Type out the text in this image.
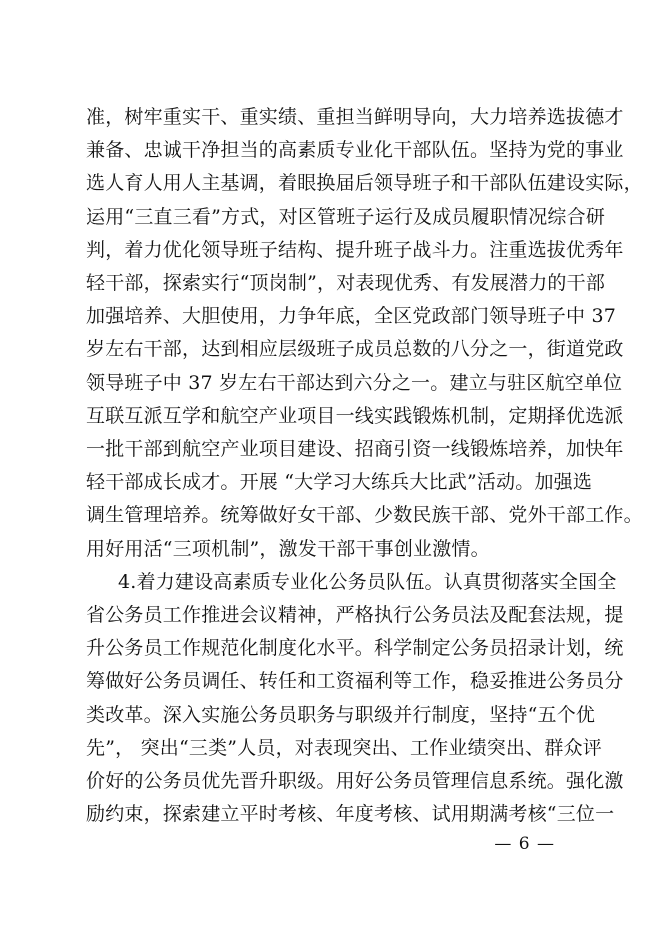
准，树牢重实干、重实绩、重担当鲜明导向，大力培养选拔德才
兼备、忠诚干净担当的高素质专业化干部队伍。坚持为党的事业
选人育人用人主基调，着眼换届后领导班子和干部队伍建设实际，
运用“三直三看”方式，对区管班子运行及成员履职情况综合研
判，着力优化领导班子结构、提升班子战斗力。注重选拔优秀年
轻干部，探索实行“顶岗制”，对表现优秀、有发展潜力的干部
加强培养、大胆使用，力争年底，全区党政部门领导班子中 37
岁左右干部，达到相应层级班子成员总数的八分之一，街道党政
领导班子中 37 岁左右干部达到六分之一。建立与驻区航空单位
互联互派互学和航空产业项目一线实践锻炼机制，定期择优选派
一批干部到航空产业项目建设、招商引资一线锻炼培养，加快年
轻干部成长成才。开展 “大学习大练兵大比武”活动。加强选
调生管理培养。统筹做好女干部、少数民族干部、党外干部工作。
用好用活“三项机制”，激发干部干事创业激情。
4.着力建设高素质专业化公务员队伍。认真贯彻落实全国全
省公务员工作推进会议精神，严格执行公务员法及配套法规，提
升公务员工作规范化制度化水平。科学制定公务员招录计划，统
筹做好公务员调任、转任和工资福利等工作，稳妥推进公务员分
类改革。深入实施公务员职务与职级并行制度，坚持“五个优
先”， 突出“三类”人员，对表现突出、工作业绩突出、群众评
价好的公务员优先晋升职级。用好公务员管理信息系统。强化激
励约束，探索建立平时考核、年度考核、试用期满考核“三位一
— 6 —
